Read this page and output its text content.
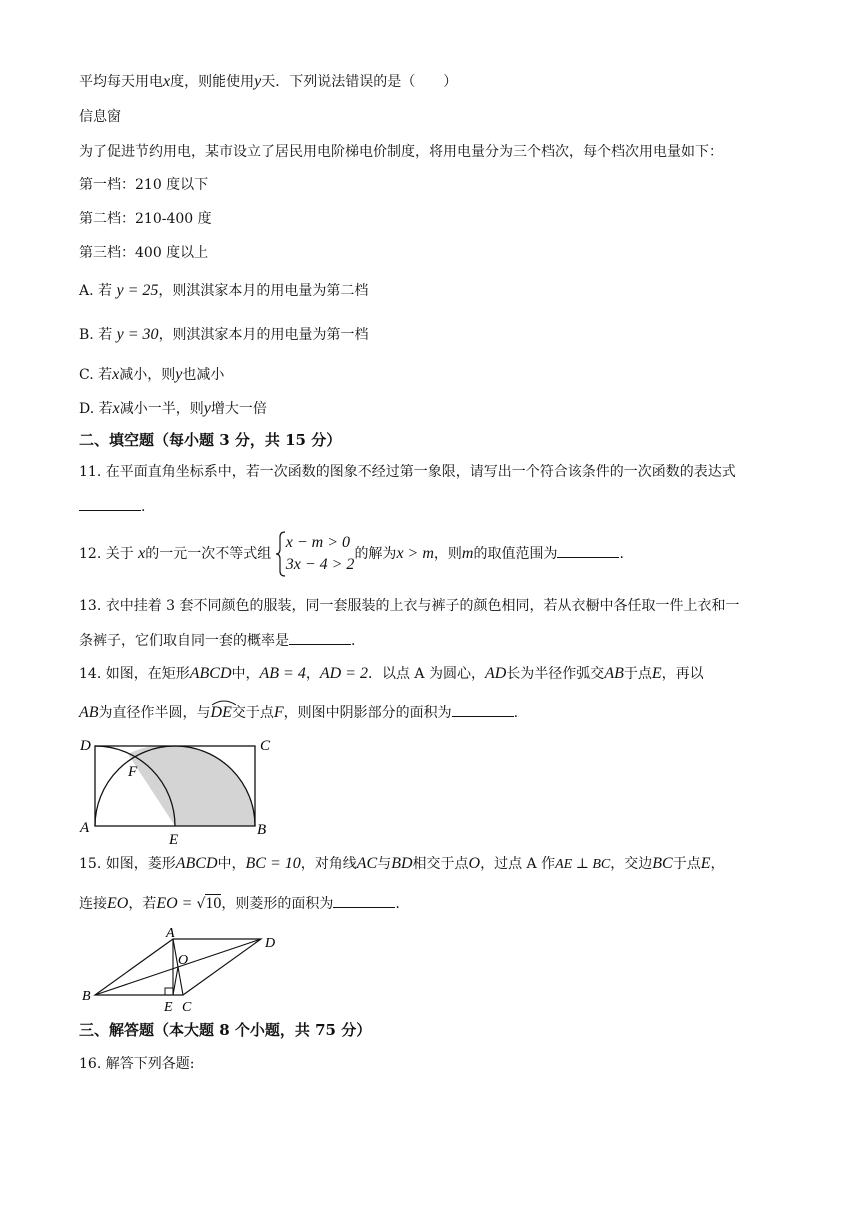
平均每天用电x度，则能使用y天．下列说法错误的是（　　）
信息窗
为了促进节约用电，某市设立了居民用电阶梯电价制度，将用电量分为三个档次，每个档次用电量如下：
第一档：210 度以下
第二档：210-400 度
第三档：400 度以上
A. 若 y = 25，则淇淇家本月的用电量为第二档
B. 若 y = 30，则淇淇家本月的用电量为第一档
C. 若x减小，则y也减小
D. 若x减小一半，则y增大一倍
二、填空题（每小题 3 分，共 15 分）
11. 在平面直角坐标系中，若一次函数的图象不经过第一象限，请写出一个符合该条件的一次函数的表达式
.
12. 关于 x的一元一次不等式组
x − m > 0
3x − 4 > 2
的解为x > m，则m的取值范围为	.
13. 衣中挂着 3 套不同颜色的服装，同一套服装的上衣与裤子的颜色相同，若从衣橱中各任取一件上衣和一
条裤子，它们取自同一套的概率是	.
14. 如图，在矩形ABCD中，AB = 4，AD = 2．以点 A 为圆心，AD长为半径作弧交AB于点E，再以
AB为直径作半圆，与
DE交于点F，则图中阴影部分的面积为	.
D	C
F
A
E
B
15. 如图，菱形ABCD中，BC = 10，对角线AC与BD相交于点O，过点 A 作AE ⊥ BC，交边BC于点E，
连接EO，若EO = √10，则菱形的面积为	.
A
D
O
B
E C
三、解答题（本大题 8 个小题，共 75 分）
16. 解答下列各题:
